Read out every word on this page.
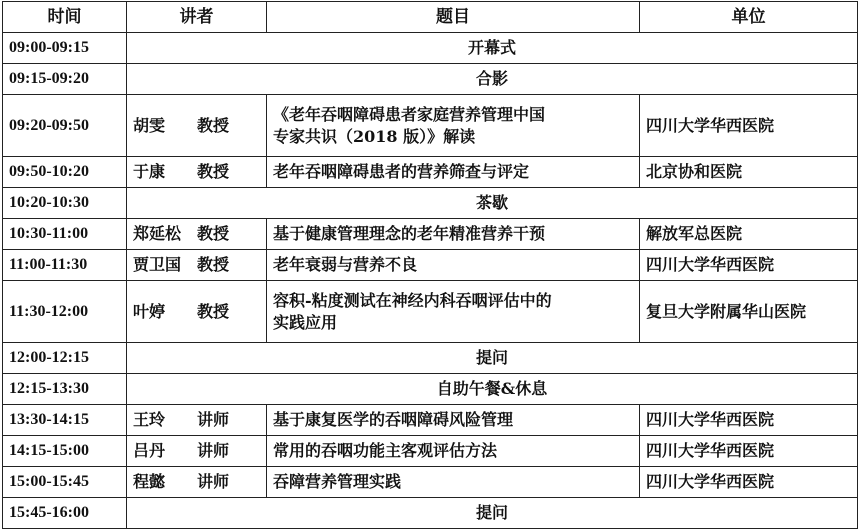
时间	讲者	题目	单位
09:00-09:15	开幕式		
09:15-09:20	合影		
09:20-09:50	胡雯 教授	《老年吞咽障碍患者家庭营养管理中国
专家共识（2018 版）》解读	四川大学华西医院
09:50-10:20	于康 教授	老年吞咽障碍患者的营养筛查与评定	北京协和医院
10:20-10:30	茶歇		
10:30-11:00	郑延松 教授	基于健康管理理念的老年精准营养干预	解放军总医院
11:00-11:30	贾卫国 教授	老年衰弱与营养不良	四川大学华西医院
11:30-12:00	叶婷 教授	容积-粘度测试在神经内科吞咽评估中的
实践应用	复旦大学附属华山医院
12:00-12:15	提问		
12:15-13:30	自助午餐&休息		
13:30-14:15	王玲 讲师	基于康复医学的吞咽障碍风险管理	四川大学华西医院
14:15-15:00	吕丹 讲师	常用的吞咽功能主客观评估方法	四川大学华西医院
15:00-15:45	程懿 讲师	吞障营养管理实践	四川大学华西医院
15:45-16:00	提问		
